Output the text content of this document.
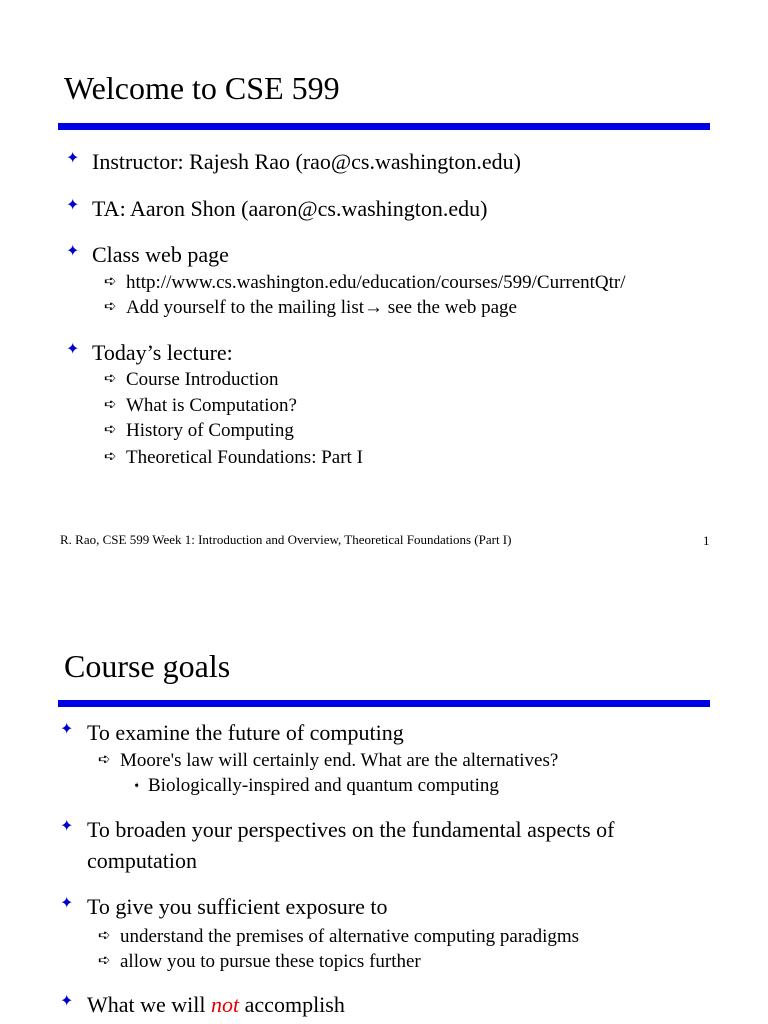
Welcome to CSE 599
✦ Instructor: Rajesh Rao (rao@cs.washington.edu)
✦ TA: Aaron Shon (aaron@cs.washington.edu)
✦ Class web page
➪ http://www.cs.washington.edu/education/courses/599/CurrentQtr/
➪ Add yourself to the mailing list→ see the web page
✦ Today’s lecture:
➪ Course Introduction
➪ What is Computation?
➪ History of Computing
➪ Theoretical Foundations: Part I
R. Rao, CSE 599 Week 1: Introduction and Overview, Theoretical Foundations (Part I)	1
Course goals
✦ To examine the future of computing
➪ Moore's law will certainly end. What are the alternatives?
➧ Biologically-inspired and quantum computing
✦ To broaden your perspectives on the fundamental aspects of
computation
✦ To give you sufficient exposure to
➪ understand the premises of alternative computing paradigms
➪ allow you to pursue these topics further
✦ What we will not accomplish
